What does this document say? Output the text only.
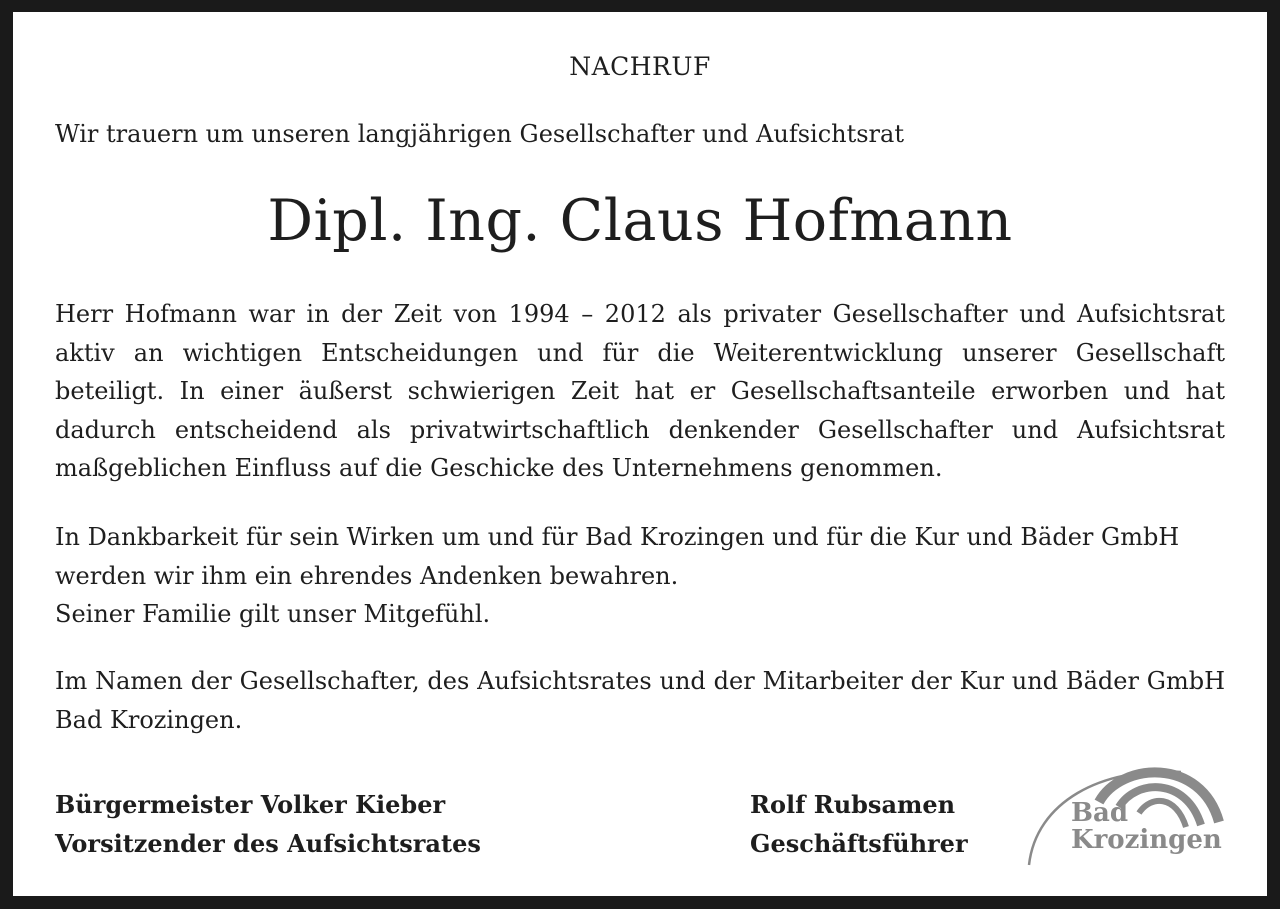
NACHRUF
Wir trauern um unseren langjährigen Gesellschafter und Aufsichtsrat
Dipl. Ing. Claus Hofmann
Herr Hofmann war in der Zeit von 1994 – 2012 als privater Gesellschafter und Aufsichtsrat aktiv an wichtigen Entscheidungen und für die Weiterentwicklung unserer Gesellschaft beteiligt. In einer äußerst schwierigen Zeit hat er Gesellschaftsanteile erworben und hat dadurch entscheidend als privatwirtschaftlich denkender Gesellschafter und Aufsichtsrat maßgeblichen Einfluss auf die Geschicke des Unternehmens genommen.
In Dankbarkeit für sein Wirken um und für Bad Krozingen und für die Kur und Bäder GmbH werden wir ihm ein ehrendes Andenken bewahren.
Seiner Familie gilt unser Mitgefühl.
Im Namen der Gesellschafter, des Aufsichtsrates und der Mitarbeiter der Kur und Bäder GmbH Bad Krozingen.
Bürgermeister Volker Kieber
Vorsitzender des Aufsichtsrates
Rolf Rubsamen
Geschäftsführer
Bad
Krozingen
